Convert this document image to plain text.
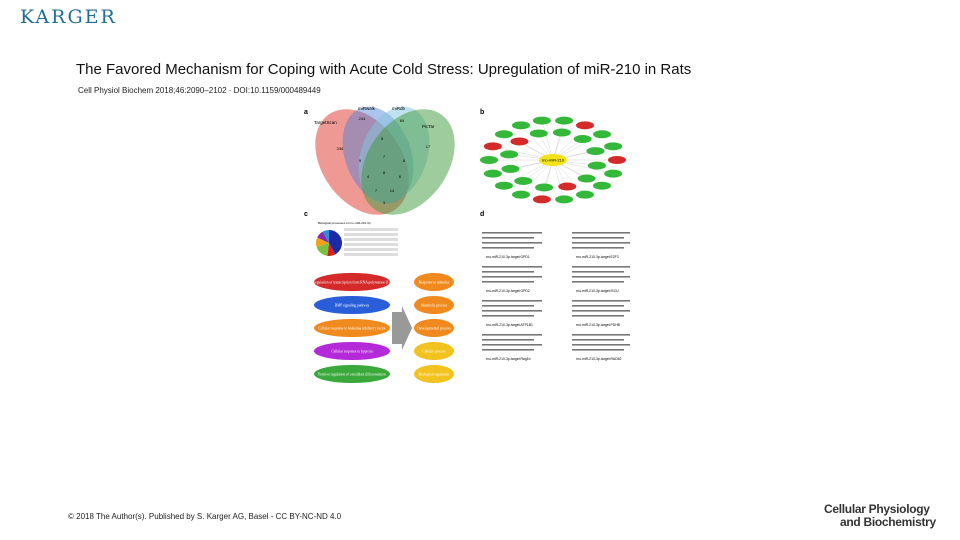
KARGER
The Favored Mechanism for Coping with Acute Cold Stress: Upregulation of miR-210 in Rats
Cell Physiol Biochem 2018;46:2090–2102 · DOI:10.1159/000489449
a
TargetScan
miRwalk	miRdb
PicTar
336
244	69
17
8
9	8
7
4	6
8
7	14
3
b
rno-miR-210
c
Biological processes of rno-miR-210-3p
Positive regulation of transcription from RNA polymerase II promoter
BMP signaling pathway
Cellular response to leukemia inhibitory factor
Cellular response to hypoxia
Positive regulation of osteoblast differentiation
Response to stimulus
Metabolic process
Developmental process
Cellular process
Biological regulation
d
rno-miR-210-3p-target:GPD1	rno-miR-210-3p-target:E2F3
rno-miR-210-3p-target:GPD2	rno-miR-210-3p-target:ISCU
rno-miR-210-3p-target:ATP1B1	rno-miR-210-3p-target:PDHB
rno-miR-210-3p-target:Rag1b	rno-miR-210-3p-target:RAD52
© 2018 The Author(s). Published by S. Karger AG, Basel - CC BY-NC-ND 4.0
Cellular Physiology
and Biochemistry
